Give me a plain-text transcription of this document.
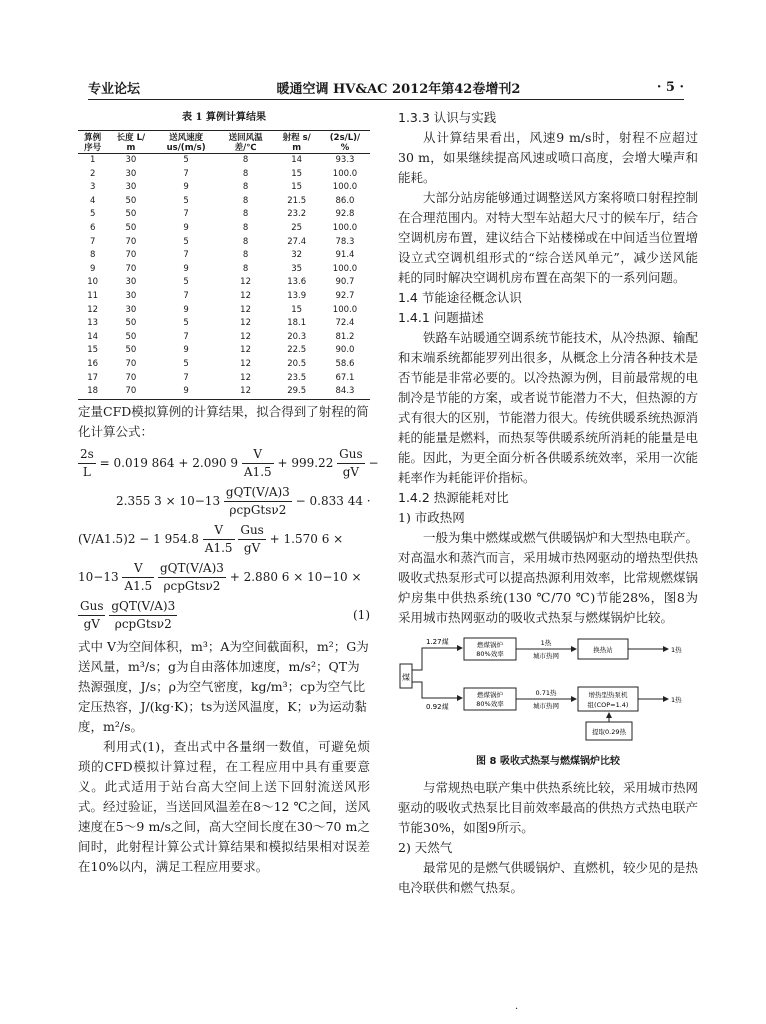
专业论坛	暖通空调 HV&AC 2012年第42卷增刊2	· 5 ·
表 1 算例计算结果
算例	长度 L/	送风速度	送回风温	射程 s/	(2s/L)/
序号	m	us/(m/s)	差/℃	m	%
1	30	5	8	14	93.3
2	30	7	8	15	100.0
3	30	9	8	15	100.0
4	50	5	8	21.5	86.0
5	50	7	8	23.2	92.8
6	50	9	8	25	100.0
7	70	5	8	27.4	78.3
8	70	7	8	32	91.4
9	70	9	8	35	100.0
10	30	5	12	13.6	90.7
11	30	7	12	13.9	92.7
12	30	9	12	15	100.0
13	50	5	12	18.1	72.4
14	50	7	12	20.3	81.2
15	50	9	12	22.5	90.0
16	70	5	12	20.5	58.6
17	70	7	12	23.5	67.1
18	70	9	12	29.5	84.3

定量CFD模拟算例的计算结果，拟合得到了射程的简化计算公式：

$\frac{2s}{L} = 0.019$ 864 + 2.090 $9 \frac{V}{A1.5} + 999.22 \frac{\text{Gus}}{gV}$ −
2.355 $3 \times 10-13 \frac{\text{gQT(V/A)3}}{\text{ρcpGtsν2}} - 0.833$ 44 ·
(V/A1.5)2 − 1 $954.8 \frac{V}{A1.5}$
$\frac{\text{Gus}}{gV} + 1.570$ 6 ×
$10-13 \frac{V}{A1.5}$
$\frac{\text{gQT(V/A)3}}{\text{ρcpGtsν2}} + 2.880$ 6 × 10−10 ×
$\frac{\text{Gus}}{gV}$
$\frac{\text{gQT(V/A)3}}{\text{ρcpGtsν2}}$	(1)

式中 V为空间体积，m³；A为空间截面积，m²；G为送风量，m³/s；g为自由落体加速度，m/s²；QT为热源强度，J/s；ρ为空气密度，kg/m³；cp为空气比定压热容，J/(kg·K)；ts为送风温度，K；ν为运动黏度，m²/s。

利用式(1)，查出式中各量纲一数值，可避免烦琐的CFD模拟计算过程，在工程应用中具有重要意义。此式适用于站台高大空间上送下回射流送风形式。经过验证，当送回风温差在8～12 ℃之间，送风速度在5～9 m/s之间，高大空间长度在30～70 m之间时，此射程计算公式计算结果和模拟结果相对误差在10%以内，满足工程应用要求。

1.3.3 认识与实践

从计算结果看出，风速9 m/s时，射程不应超过30 m，如果继续提高风速或喷口高度，会增大噪声和能耗。

大部分站房能够通过调整送风方案将喷口射程控制在合理范围内。对特大型车站超大尺寸的候车厅，结合空调机房布置，建议结合下站楼梯或在中间适当位置增设立式空调机组形式的“综合送风单元”，减少送风能耗的同时解决空调机房布置在高架下的一系列问题。

1.4 节能途径概念认识

1.4.1 问题描述

铁路车站暖通空调系统节能技术，从冷热源、输配和末端系统都能罗列出很多，从概念上分清各种技术是否节能是非常必要的。以冷热源为例，目前最常规的电制冷是节能的方案，或者说节能潜力不大，但热源的方式有很大的区别，节能潜力很大。传统供暖系统热源消耗的能量是燃料，而热泵等供暖系统所消耗的能量是电能。因此，为更全面分析各供暖系统效率，采用一次能耗率作为耗能评价指标。

1.4.2 热源能耗对比

1) 市政热网

一般为集中燃煤或燃气供暖锅炉和大型热电联产。对高温水和蒸汽而言，采用城市热网驱动的增热型供热吸收式热泵形式可以提高热源利用效率，比常规燃煤锅炉房集中供热系统(130 ℃/70 ℃)节能28%，图8为采用城市热网驱动的吸收式热泵与燃煤锅炉比较。

煤
1.27煤
0.92煤
燃煤锅炉
80%效率
燃煤锅炉
80%效率
1热
城市热网
0.71热
城市热网
换热站
增热型热泵机
组(COP=1.4)
1热
1热
提取0.29热
图 8 吸收式热泵与燃煤锅炉比较

与常规热电联产集中供热系统比较，采用城市热网驱动的吸收式热泵比目前效率最高的供热方式热电联产节能30%，如图9所示。

2) 天然气

最常见的是燃气供暖锅炉、直燃机，较少见的是热电冷联供和燃气热泵。

·
